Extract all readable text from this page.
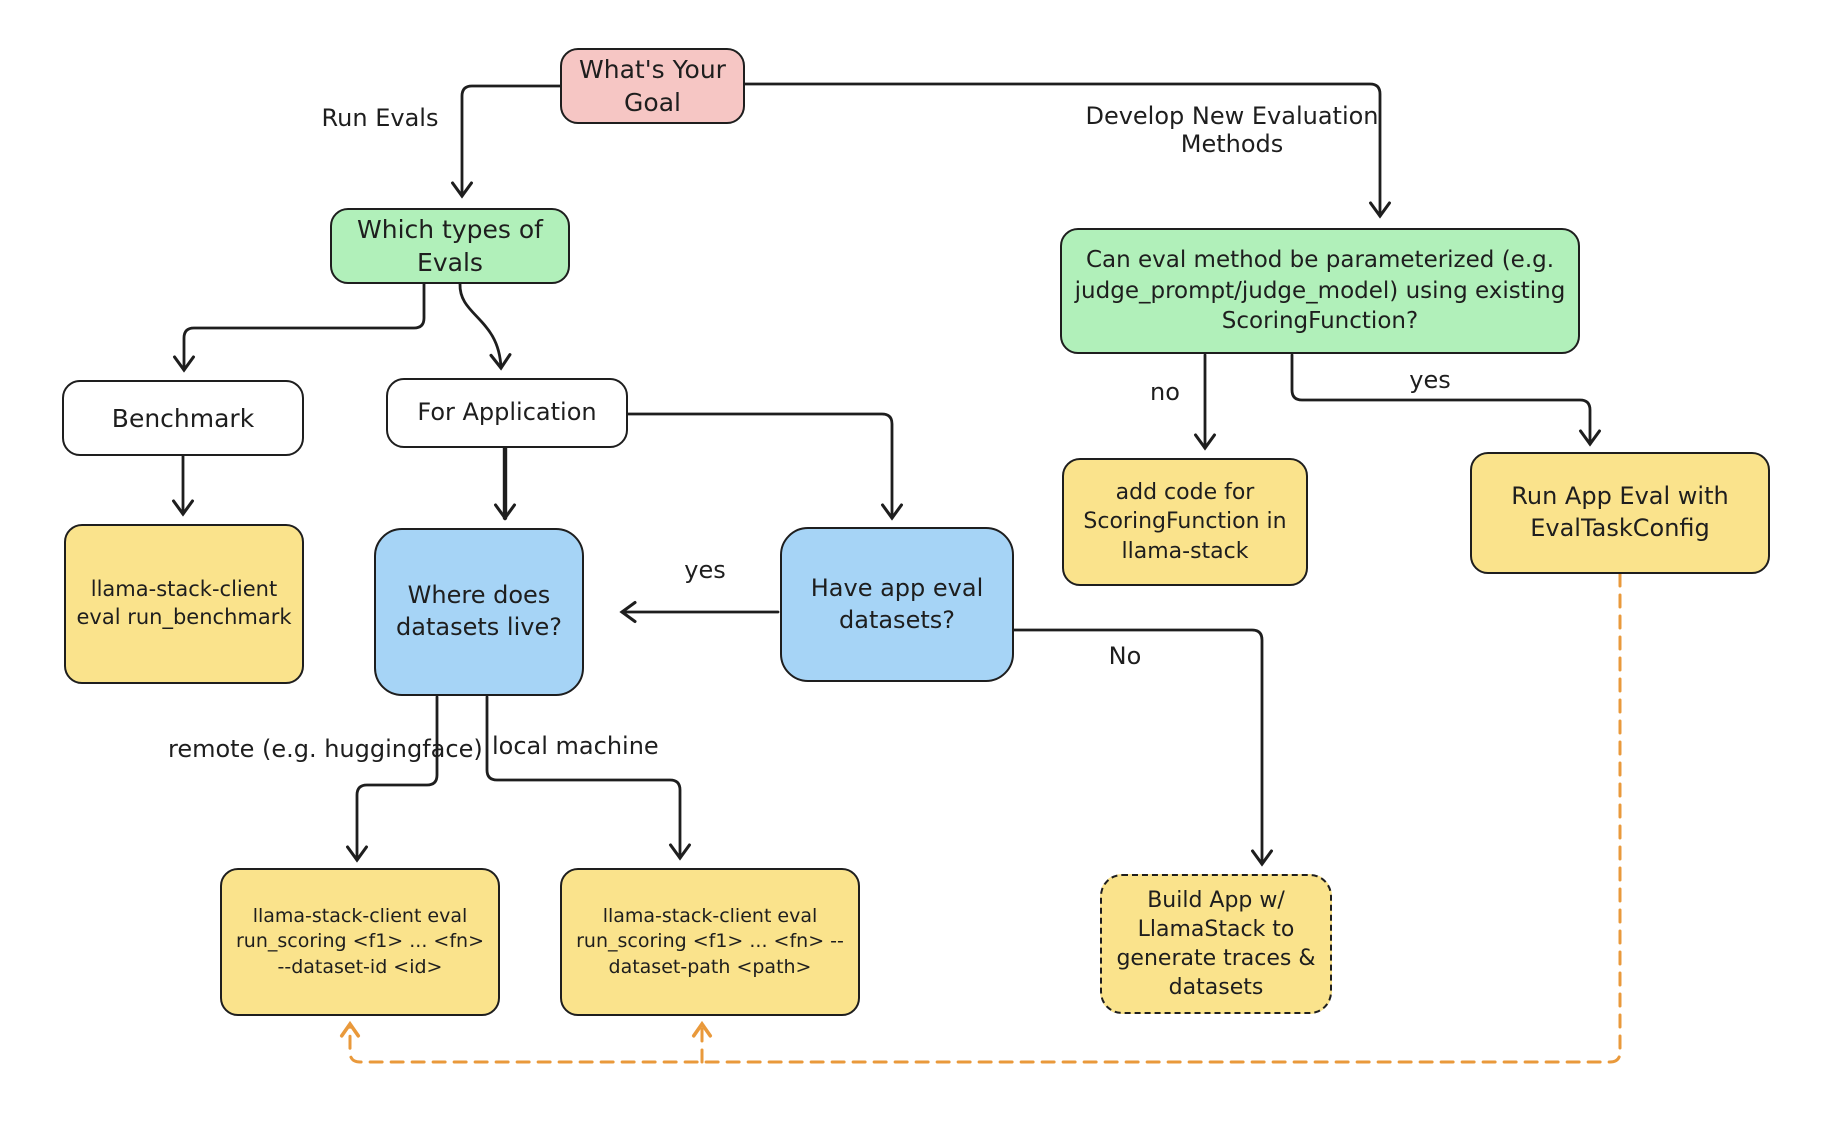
What's Your Goal
Which types of Evals
Benchmark	For Application
llama-stack-client eval run_benchmark
Where does datasets live?
Have app eval datasets?
Can eval method be parameterized (e.g. judge_prompt/judge_model) using existing ScoringFunction?
add code for ScoringFunction in llama-stack
Run App Eval with EvalTaskConfig
llama-stack-client eval run_scoring <f1> ... <fn> --dataset-id <id>
llama-stack-client eval run_scoring <f1> ... <fn> --dataset-path <path>
Build App w/ LlamaStack to generate traces & datasets
Run Evals	Develop New Evaluation Methods
no	yes
yes
No
remote (e.g. huggingface) local machine
